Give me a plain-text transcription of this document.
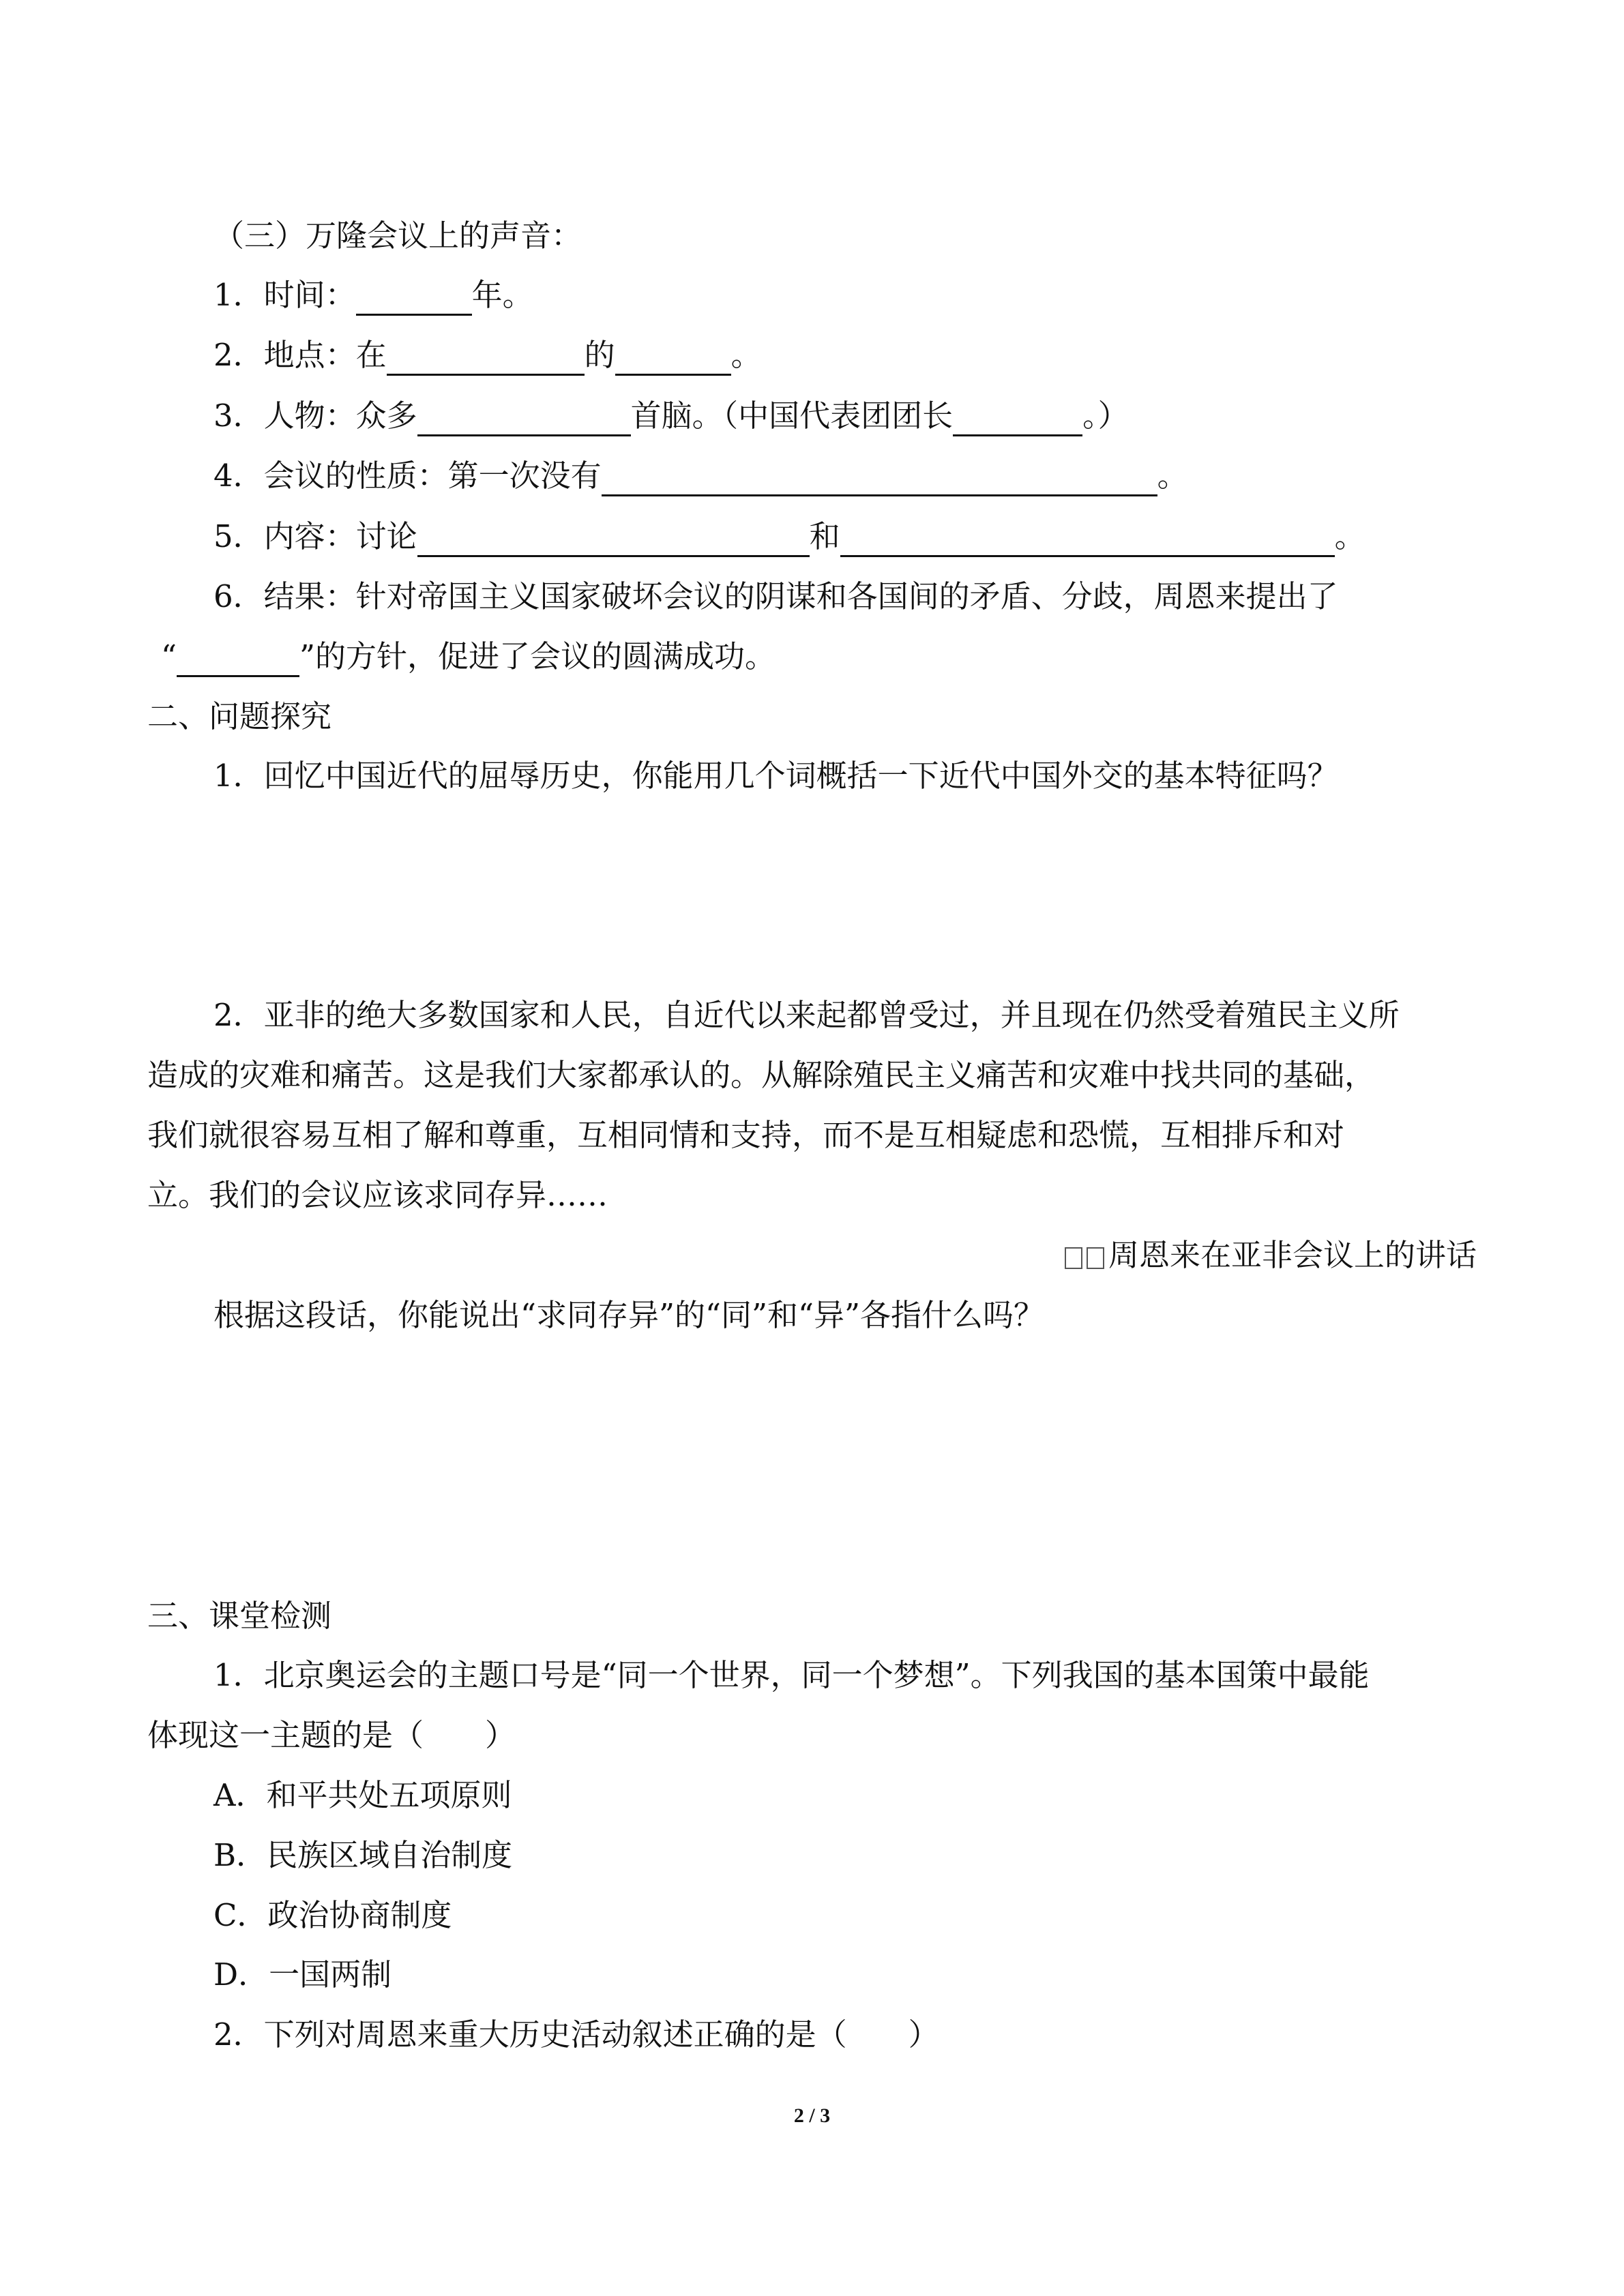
（三）万隆会议上的声音：
1．时间：	年。
2．地点：在	的	。
3．人物：众多	首脑。（中国代表团团长	。）
4．会议的性质：第一次没有	。
5．内容：讨论	和	。
6．结果：针对帝国主义国家破坏会议的阴谋和各国间的矛盾、分歧，周恩来提出了
“	”的方针，促进了会议的圆满成功。
二、问题探究
1．回忆中国近代的屈辱历史，你能用几个词概括一下近代中国外交的基本特征吗？
2．亚非的绝大多数国家和人民，自近代以来起都曾受过，并且现在仍然受着殖民主义所
造成的灾难和痛苦。这是我们大家都承认的。从解除殖民主义痛苦和灾难中找共同的基础，
我们就很容易互相了解和尊重，互相同情和支持，而不是互相疑虑和恐慌，互相排斥和对
立。我们的会议应该求同存异……
周恩来在亚非会议上的讲话
根据这段话，你能说出“求同存异”的“同”和“异”各指什么吗？
三、课堂检测
1．北京奥运会的主题口号是“同一个世界，同一个梦想”。下列我国的基本国策中最能
体现这一主题的是（　　）
A．和平共处五项原则
B．民族区域自治制度
C．政治协商制度
D．一国两制
2．下列对周恩来重大历史活动叙述正确的是（　　）
2 / 3
